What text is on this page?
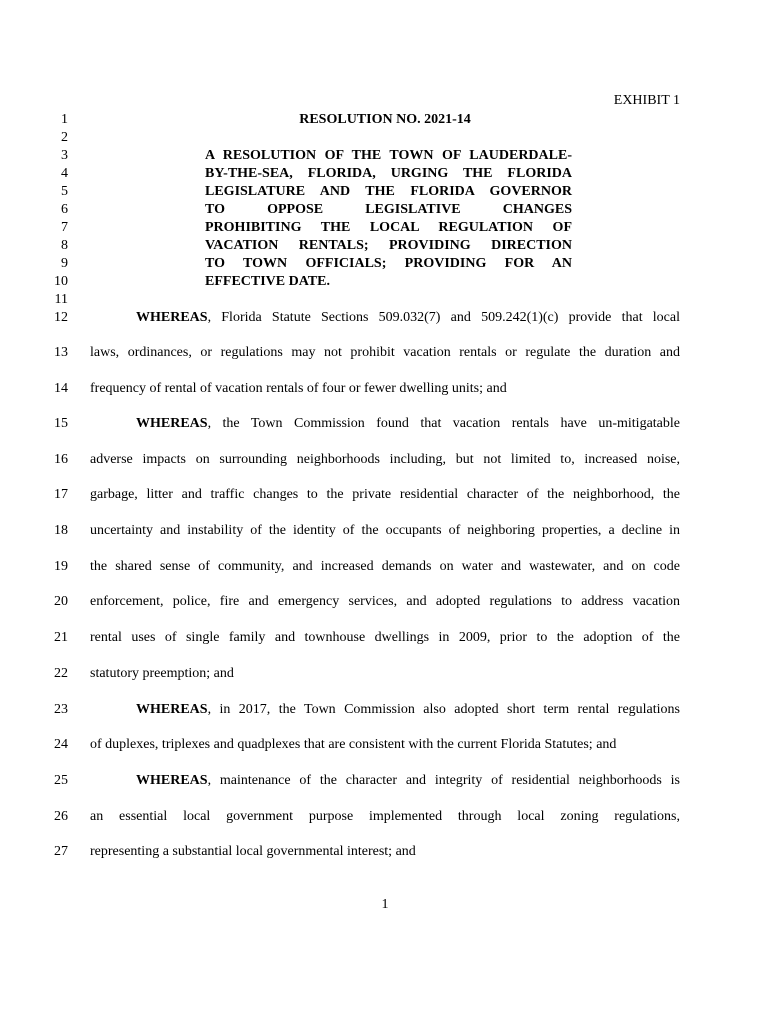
EXHIBIT 1
RESOLUTION NO. 2021-14
A RESOLUTION OF THE TOWN OF LAUDERDALE-
BY-THE-SEA, FLORIDA, URGING THE FLORIDA
LEGISLATURE AND THE FLORIDA GOVERNOR
TO OPPOSE LEGISLATIVE CHANGES
PROHIBITING THE LOCAL REGULATION OF
VACATION RENTALS; PROVIDING DIRECTION
TO TOWN OFFICIALS; PROVIDING FOR AN
EFFECTIVE DATE.
1
2
3
4
5
6
7
8
9
10
11
12
13
14
15
16
17
18
19
20
21
22
23
24
25
26
27
WHEREAS, Florida Statute Sections 509.032(7) and 509.242(1)(c) provide that local
laws, ordinances, or regulations may not prohibit vacation rentals or regulate the duration and
frequency of rental of vacation rentals of four or fewer dwelling units; and
WHEREAS, the Town Commission found that vacation rentals have un-mitigatable
adverse impacts on surrounding neighborhoods including, but not limited to, increased noise,
garbage, litter and traffic changes to the private residential character of the neighborhood, the
uncertainty and instability of the identity of the occupants of neighboring properties, a decline in
the shared sense of community, and increased demands on water and wastewater, and on code
enforcement, police, fire and emergency services, and adopted regulations to address vacation
rental uses of single family and townhouse dwellings in 2009, prior to the adoption of the
statutory preemption; and
WHEREAS, in 2017, the Town Commission also adopted short term rental regulations
of duplexes, triplexes and quadplexes that are consistent with the current Florida Statutes; and
WHEREAS, maintenance of the character and integrity of residential neighborhoods is
an essential local government purpose implemented through local zoning regulations,
representing a substantial local governmental interest; and
1
